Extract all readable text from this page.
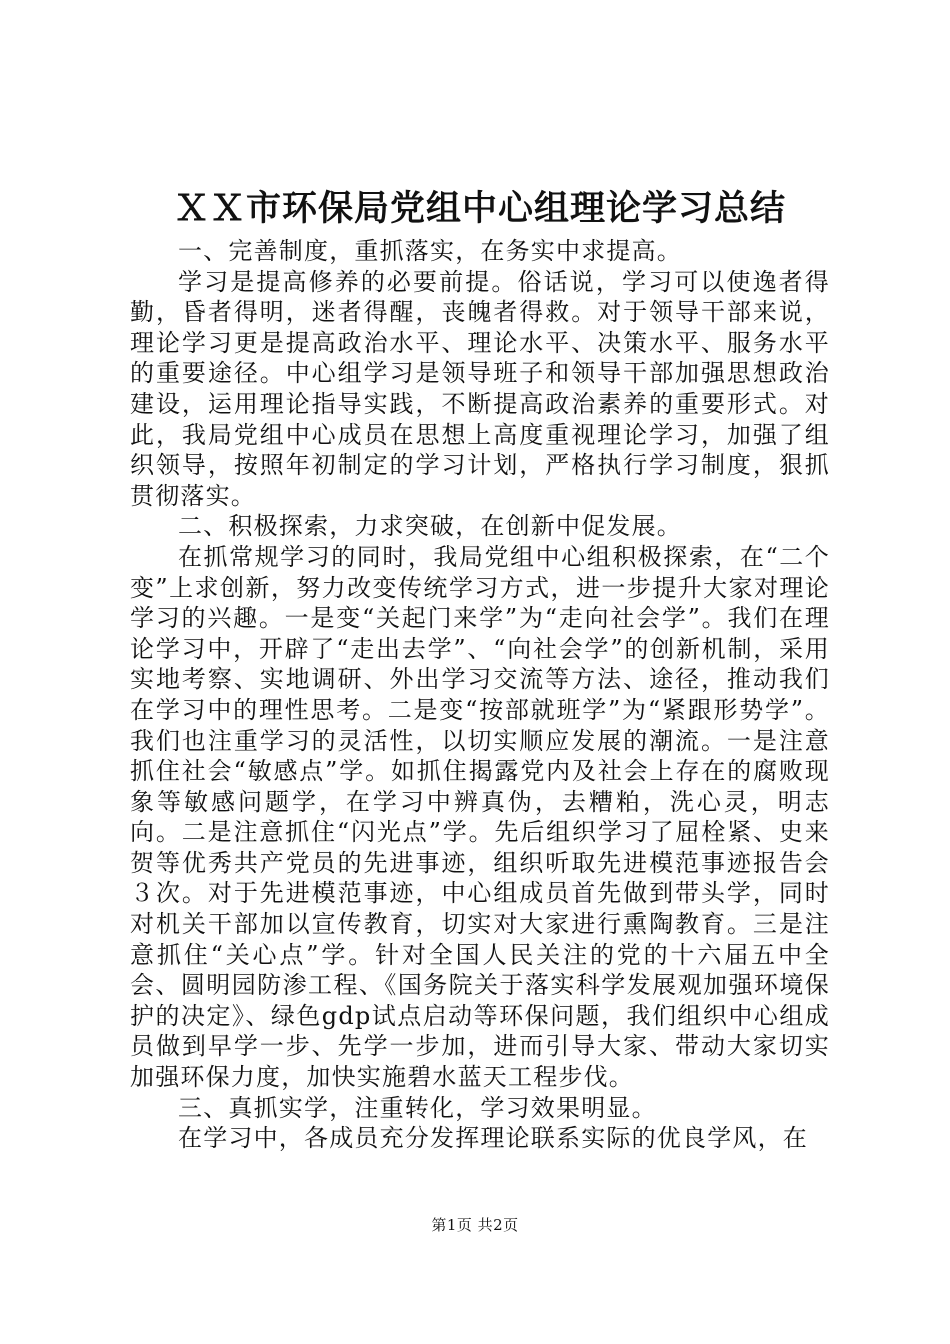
ＸＸ市环保局党组中心组理论学习总结

一、完善制度，重抓落实，在务实中求提高。

学习是提高修养的必要前提。俗话说，学习可以使逸者得勤，昏者得明，迷者得醒，丧魄者得救。对于领导干部来说，理论学习更是提高政治水平、理论水平、决策水平、服务水平的重要途径。中心组学习是领导班子和领导干部加强思想政治建设，运用理论指导实践，不断提高政治素养的重要形式。对此，我局党组中心成员在思想上高度重视理论学习，加强了组织领导，按照年初制定的学习计划，严格执行学习制度，狠抓贯彻落实。

二、积极探索，力求突破，在创新中促发展。

在抓常规学习的同时，我局党组中心组积极探索，在“二个变”上求创新，努力改变传统学习方式，进一步提升大家对理论学习的兴趣。一是变“关起门来学”为“走向社会学”。我们在理论学习中，开辟了“走出去学”、“向社会学”的创新机制，采用实地考察、实地调研、外出学习交流等方法、途径，推动我们在学习中的理性思考。二是变“按部就班学”为“紧跟形势学”。我们也注重学习的灵活性，以切实顺应发展的潮流。一是注意抓住社会“敏感点”学。如抓住揭露党内及社会上存在的腐败现象等敏感问题学，在学习中辨真伪，去糟粕，洗心灵，明志向。二是注意抓住“闪光点”学。先后组织学习了屈栓紧、史来贺等优秀共产党员的先进事迹，组织听取先进模范事迹报告会３次。对于先进模范事迹，中心组成员首先做到带头学，同时对机关干部加以宣传教育，切实对大家进行熏陶教育。三是注意抓住“关心点”学。针对全国人民关注的党的十六届五中全会、圆明园防渗工程、《国务院关于落实科学发展观加强环境保护的决定》、绿色gdp试点启动等环保问题，我们组织中心组成员做到早学一步、先学一步加，进而引导大家、带动大家切实加强环保力度，加快实施碧水蓝天工程步伐。

三、真抓实学，注重转化，学习效果明显。

在学习中，各成员充分发挥理论联系实际的优良学风，在

第1页 共2页
